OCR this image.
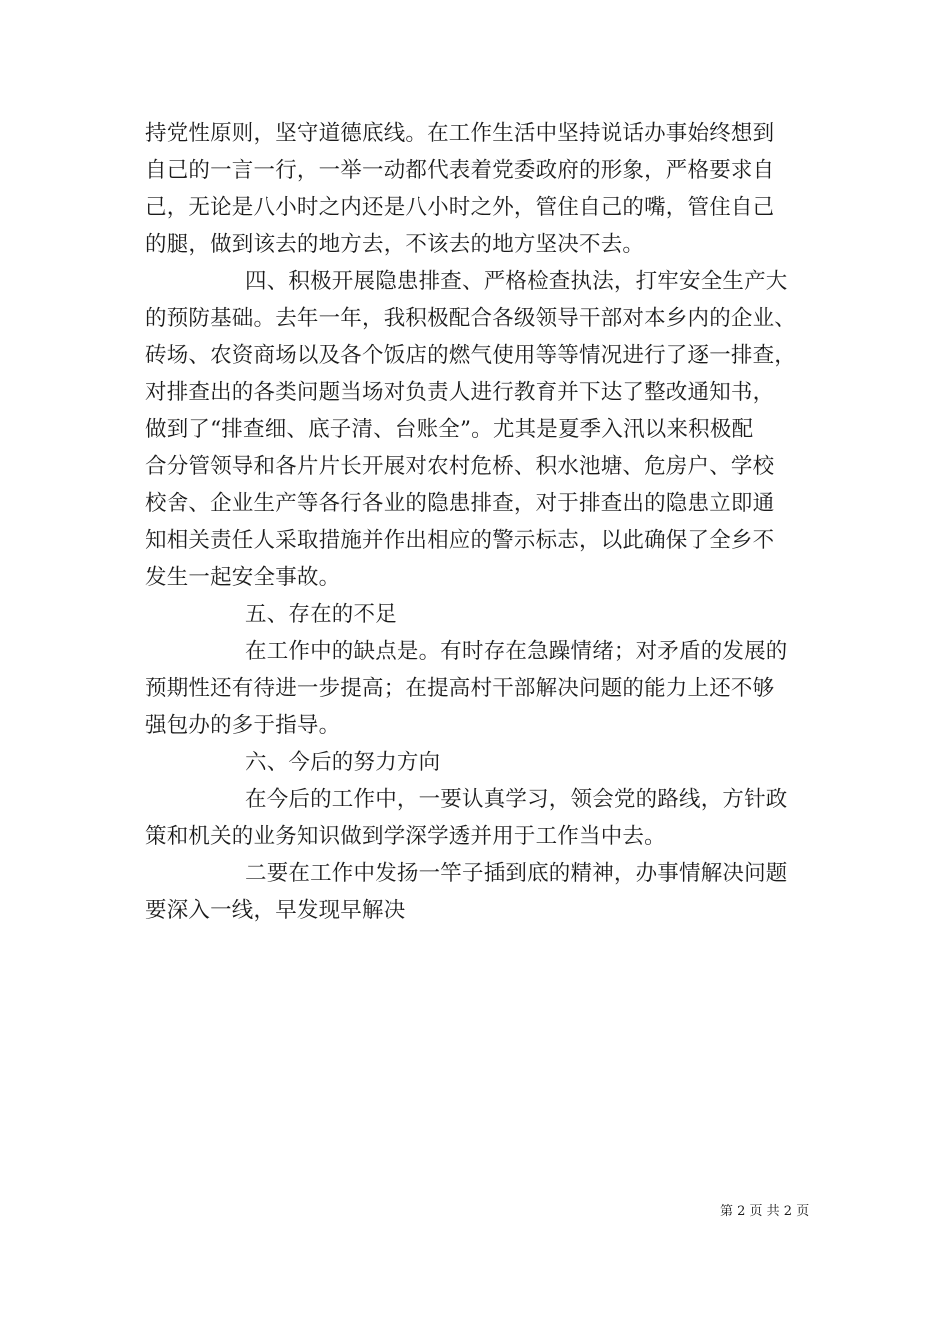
持党性原则，坚守道德底线。在工作生活中坚持说话办事始终想到
自己的一言一行，一举一动都代表着党委政府的形象，严格要求自
己，无论是八小时之内还是八小时之外，管住自己的嘴，管住自己
的腿，做到该去的地方去，不该去的地方坚决不去。
四、积极开展隐患排查、严格检查执法，打牢安全生产大
的预防基础。去年一年，我积极配合各级领导干部对本乡内的企业、
砖场、农资商场以及各个饭店的燃气使用等等情况进行了逐一排查，
对排查出的各类问题当场对负责人进行教育并下达了整改通知书，
做到了“排查细、底子清、台账全”。尤其是夏季入汛以来积极配
合分管领导和各片片长开展对农村危桥、积水池塘、危房户、学校
校舍、企业生产等各行各业的隐患排查，对于排查出的隐患立即通
知相关责任人采取措施并作出相应的警示标志，以此确保了全乡不
发生一起安全事故。
五、存在的不足
在工作中的缺点是。有时存在急躁情绪；对矛盾的发展的
预期性还有待进一步提高；在提高村干部解决问题的能力上还不够
强包办的多于指导。
六、今后的努力方向
在今后的工作中，一要认真学习，领会党的路线，方针政
策和机关的业务知识做到学深学透并用于工作当中去。
二要在工作中发扬一竿子插到底的精神，办事情解决问题
要深入一线，早发现早解决
第 2 页 共 2 页
